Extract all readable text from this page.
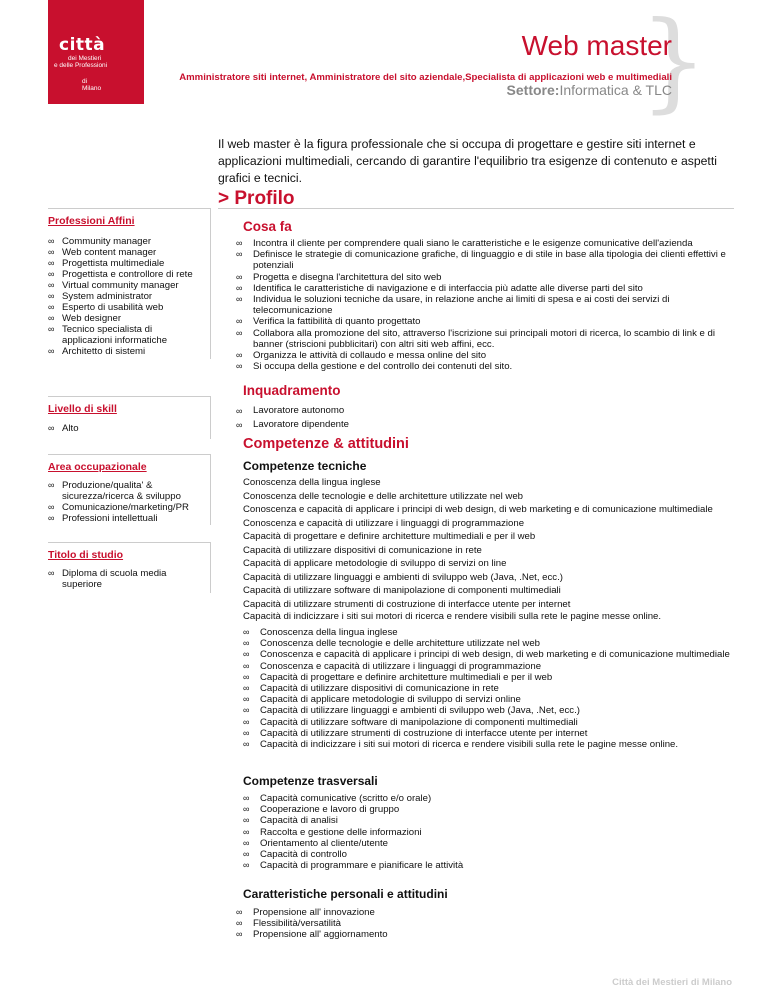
città
dei Mestieri
e delle Professioni
di
Milano	}
Web master
Amministratore siti internet, Amministratore del sito aziendale,Specialista di applicazioni web e multimediali
Settore:Informatica & TLC
Il web master è la figura professionale che si occupa di progettare e gestire siti internet e applicazioni multimediali, cercando di garantire l'equilibrio tra esigenze di contenuto e aspetti grafici e tecnici.
> Profilo
Professioni Affini
∞ Community manager
∞ Web content manager
∞ Progettista multimediale
∞ Progettista e controllore di rete
∞ Virtual community manager
∞ System administrator
∞ Esperto di usabilità web
∞ Web designer
∞ Tecnico specialista di applicazioni informatiche
∞ Architetto di sistemi
Livello di skill
∞ Alto
Area occupazionale
∞ Produzione/qualita' & sicurezza/ricerca & sviluppo
∞ Comunicazione/marketing/PR
∞ Professioni intellettuali
Titolo di studio
∞ Diploma di scuola media superiore
Cosa fa
∞ Incontra il cliente per comprendere quali siano le caratteristiche e le esigenze comunicative dell'azienda
∞ Definisce le strategie di comunicazione grafiche, di linguaggio e di stile in base alla tipologia dei clienti effettivi e potenziali
∞ Progetta e disegna l'architettura del sito web
∞ Identifica le caratteristiche di navigazione e di interfaccia più adatte alle diverse parti del sito
∞ Individua le soluzioni tecniche da usare, in relazione anche ai limiti di spesa e ai costi dei servizi di telecomunicazione
∞ Verifica la fattibilità di quanto progettato
∞ Collabora alla promozione del sito, attraverso l'iscrizione sui principali motori di ricerca, lo scambio di link e di banner (striscioni pubblicitari) con altri siti web affini, ecc.
∞ Organizza le attività di collaudo e messa online del sito
∞ Si occupa della gestione e del controllo dei contenuti del sito.
Inquadramento
∞ Lavoratore autonomo
∞ Lavoratore dipendente
Competenze & attitudini
Competenze tecniche
Conoscenza della lingua inglese
Conoscenza delle tecnologie e delle architetture utilizzate nel web
Conoscenza e capacità di applicare i principi di web design, di web marketing e di comunicazione multimediale
Conoscenza e capacità di utilizzare i linguaggi di programmazione
Capacità di progettare e definire architetture multimediali e per il web
Capacità di utilizzare dispositivi di comunicazione in rete
Capacità di applicare metodologie di sviluppo di servizi on line
Capacità di utilizzare linguaggi e ambienti di sviluppo web (Java, .Net, ecc.)
Capacità di utilizzare software di manipolazione di componenti multimediali
Capacità di utilizzare strumenti di costruzione di interfacce utente per internet
Capacità di indicizzare i siti sui motori di ricerca e rendere visibili sulla rete le pagine messe online.
∞ Conoscenza della lingua inglese
∞ Conoscenza delle tecnologie e delle architetture utilizzate nel web
∞ Conoscenza e capacità di applicare i principi di web design, di web marketing e di comunicazione multimediale
∞ Conoscenza e capacità di utilizzare i linguaggi di programmazione
∞ Capacità di progettare e definire architetture multimediali e per il web
∞ Capacità di utilizzare dispositivi di comunicazione in rete
∞ Capacità di applicare metodologie di sviluppo di servizi online
∞ Capacità di utilizzare linguaggi e ambienti di sviluppo web (Java, .Net, ecc.)
∞ Capacità di utilizzare software di manipolazione di componenti multimediali
∞ Capacità di utilizzare strumenti di costruzione di interfacce utente per internet
∞ Capacità di indicizzare i siti sui motori di ricerca e rendere visibili sulla rete le pagine messe online.
Competenze trasversali
∞ Capacità comunicative (scritto e/o orale)
∞ Cooperazione e lavoro di gruppo
∞ Capacità di analisi
∞ Raccolta e gestione delle informazioni
∞ Orientamento al cliente/utente
∞ Capacità di controllo
∞ Capacità di programmare e pianificare le attività
Caratteristiche personali e attitudini
∞ Propensione all' innovazione
∞ Flessibilità/versatilità
∞ Propensione all' aggiornamento
Città dei Mestieri di Milano
